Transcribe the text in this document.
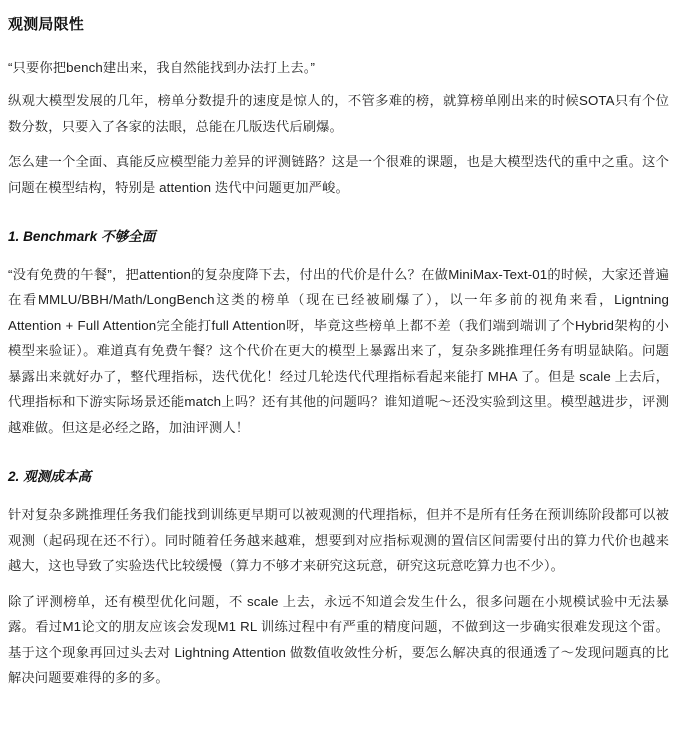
观测局限性

“只要你把bench建出来，我自然能找到办法打上去。”

纵观大模型发展的几年，榜单分数提升的速度是惊人的，不管多难的榜，就算榜单刚出来的时候SOTA只有个位数分数，只要入了各家的法眼，总能在几版迭代后刷爆。

怎么建一个全面、真能反应模型能力差异的评测链路？这是一个很难的课题，也是大模型迭代的重中之重。这个问题在模型结构，特别是 attention 迭代中问题更加严峻。

1. Benchmark 不够全面

“没有免费的午餐”，把attention的复杂度降下去，付出的代价是什么？在做MiniMax-Text-01的时候，大家还普遍在看MMLU/BBH/Math/LongBench这类的榜单（现在已经被刷爆了），以一年多前的视角来看，Ligntning Attention + Full Attention完全能打full Attention呀，毕竟这些榜单上都不差（我们端到端训了个Hybrid架构的小模型来验证）。难道真有免费午餐？这个代价在更大的模型上暴露出来了，复杂多跳推理任务有明显缺陷。问题暴露出来就好办了，整代理指标，迭代优化！经过几轮迭代代理指标看起来能打 MHA 了。但是 scale 上去后，代理指标和下游实际场景还能match上吗？还有其他的问题吗？谁知道呢～还没实验到这里。模型越进步，评测越难做。但这是必经之路，加油评测人！

2. 观测成本高

针对复杂多跳推理任务我们能找到训练更早期可以被观测的代理指标，但并不是所有任务在预训练阶段都可以被观测（起码现在还不行）。同时随着任务越来越难，想要到对应指标观测的置信区间需要付出的算力代价也越来越大，这也导致了实验迭代比较缓慢（算力不够才来研究这玩意，研究这玩意吃算力也不少）。

除了评测榜单，还有模型优化问题，不 scale 上去，永远不知道会发生什么，很多问题在小规模试验中无法暴露。看过M1论文的朋友应该会发现M1 RL 训练过程中有严重的精度问题，不做到这一步确实很难发现这个雷。基于这个现象再回过头去对 Lightning Attention 做数值收敛性分析，要怎么解决真的很通透了～发现问题真的比解决问题要难得的多的多。
